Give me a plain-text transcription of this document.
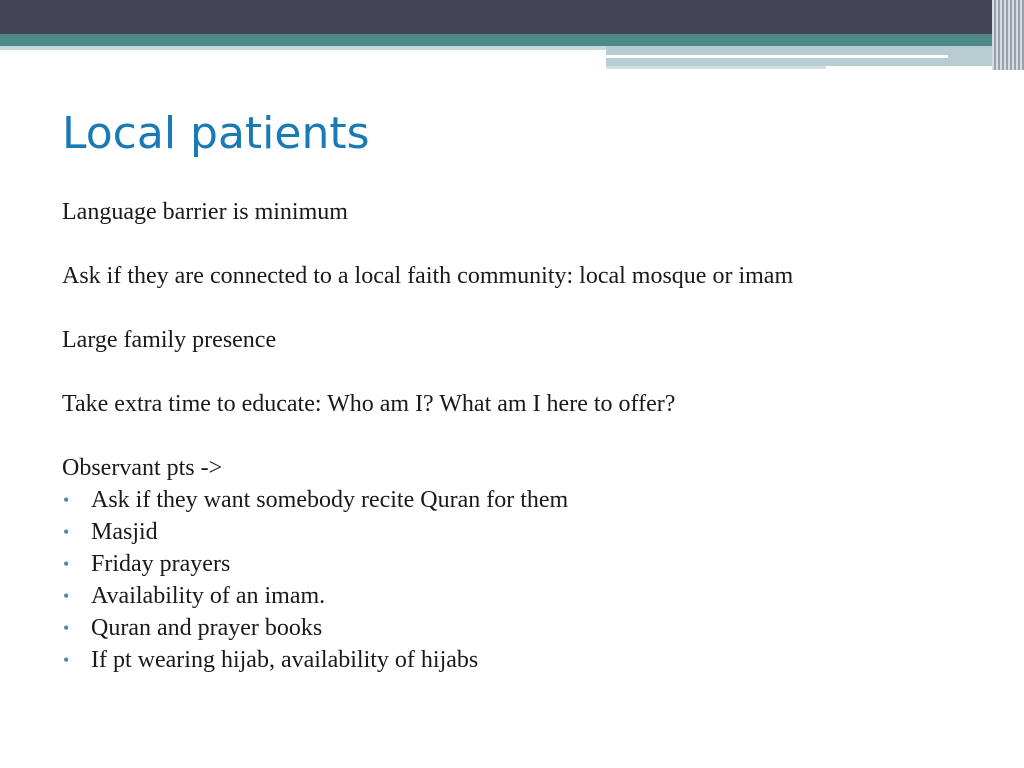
Local patients

Language barrier is minimum

Ask if they are connected to a local faith community: local mosque or imam

Large family presence

Take extra time to educate: Who am I? What am I here to offer?

Observant pts ->

• Ask if they want somebody recite Quran for them
• Masjid
• Friday prayers
• Availability of an imam.
• Quran and prayer books
• If pt wearing hijab, availability of hijabs
